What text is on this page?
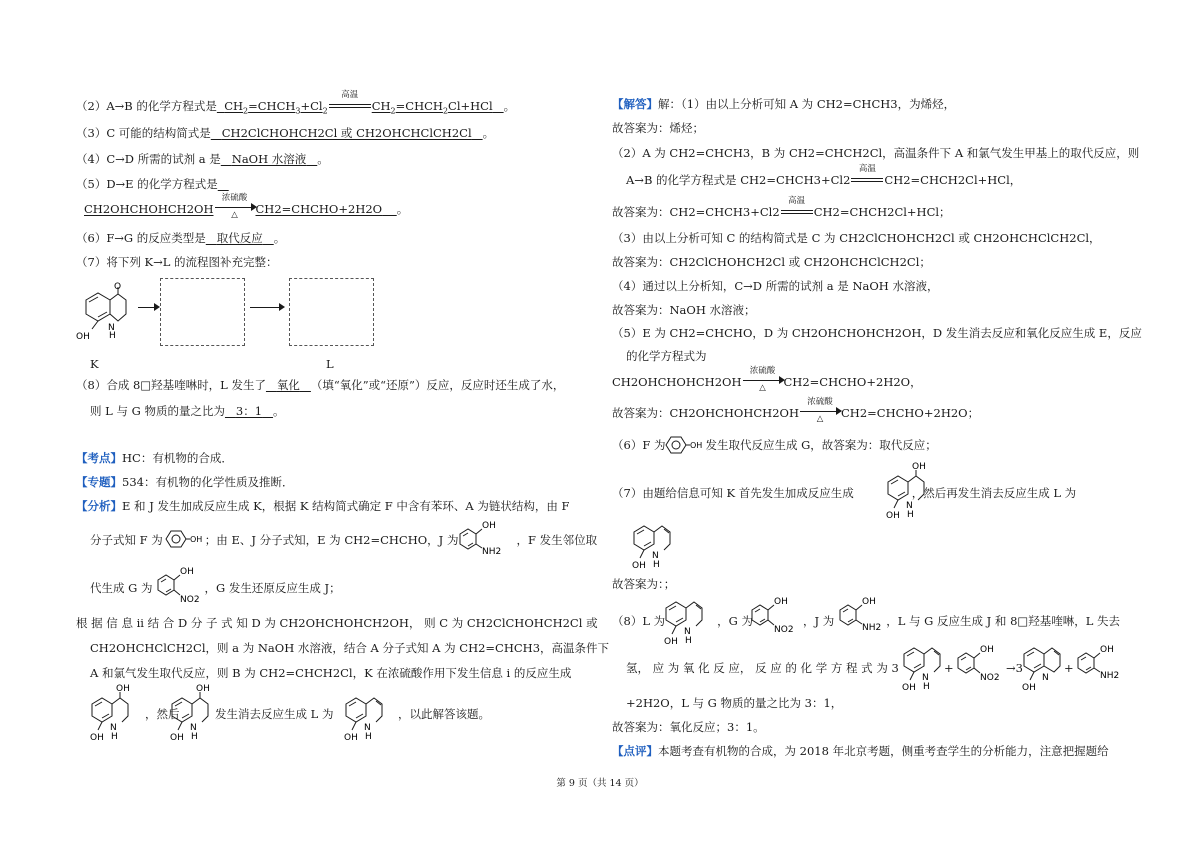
（2）A→B 的化学方程式是 $CH_2=CHCH_3+Cl_2$
高温
$CH_2=CHCH_2Cl+HCl$ 。
（3）C 可能的结构简式是 CH2ClCHOHCH2Cl 或 CH2OHCHClCH2Cl 。
（4）C→D 所需的试剂 a 是 NaOH 水溶液 。
（5）D→E 的化学方程式是
CH2OHCHOHCH2OH
浓硫酸
△	CH2=CHCHO+2H2O 。
（6）F→G 的反应类型是 取代反应 。
（7）将下列 K→L 的流程图补充完整：
O
N
H
OH
K	L
（8）合成 8□羟基喹啉时，L 发生了 氧化 （填“氧化”或“还原”）反应，反应时还生成了水，
则 L 与 G 物质的量之比为 3：1 。
【考点】HC：有机物的合成．
【专题】534：有机物的化学性质及推断．
【分析】E 和 J 发生加成反应生成 K，根据 K 结构简式确定 F 中含有苯环、A 为链状结构，由 F
分子式知 F 为	；由 E、J 分子式知，E 为 CH2=CHCHO，J 为	，F 发生邻位取
OH
OH
NH2
代生成 G 为	，G 发生还原反应生成 J；
OH
NO2
根 据 信 息 ii 结 合 D 分 子 式 知 D 为 CH2OHCHOHCH2OH， 则 C 为 CH2ClCHOHCH2Cl 或
CH2OHCHClCH2Cl，则 a 为 NaOH 水溶液，结合 A 分子式知 A 为 CH2=CHCH3，高温条件下
A 和氯气发生取代反应，则 B 为 CH2=CHCH2Cl，K 在浓硫酸作用下发生信息 i 的反应生成
OH
N
H
OH
，然后
OH
N
H
OH
发生消去反应生成 L 为
N
H
OH
，以此解答该题。
【解答】解：（1）由以上分析可知 A 为 CH2=CHCH3，为烯烃，
故答案为：烯烃；
（2）A 为 CH2=CHCH3，B 为 CH2=CHCH2Cl，高温条件下 A 和氯气发生甲基上的取代反应，则
A→B 的化学方程式是 CH2=CHCH3+Cl2
高温
CH2=CHCH2Cl+HCl，
故答案为：CH2=CHCH3+Cl2
高温
CH2=CHCH2Cl+HCl；
（3）由以上分析可知 C 的结构简式是 C 为 CH2ClCHOHCH2Cl 或 CH2OHCHClCH2Cl，
故答案为：CH2ClCHOHCH2Cl 或 CH2OHCHClCH2Cl；
（4）通过以上分析知，C→D 所需的试剂 a 是 NaOH 水溶液，
故答案为：NaOH 水溶液；
（5）E 为 CH2=CHCHO，D 为 CH2OHCHOHCH2OH，D 发生消去反应和氧化反应生成 E，反应
的化学方程式为
CH2OHCHOHCH2OH
浓硫酸
△	CH2=CHCHO+2H2O，
故答案为：CH2OHCHOHCH2OH
浓硫酸
△	CH2=CHCHO+2H2O；
（6）F 为	发生取代反应生成 G，故答案为：取代反应；
OH
（7）由题给信息可知 K 首先发生加成反应生成	，然后再发生消去反应生成 L 为
OH
N
H
OH
N
H
OH
故答案为：；
（8）L 为	，G 为	，J 为	，L 与 G 反应生成 J 和 8□羟基喹啉，L 失去
N
H
OH
OH
NO2
OH
NH2
氢， 应 为 氧 化 反 应， 反 应 的 化 学 方 程 式 为 3
N
H
OH
+
OH
NO2
→3
N
OH
+
OH
NH2
+2H2O，L 与 G 物质的量之比为 3：1，
故答案为：氧化反应；3：1。
【点评】本题考查有机物的合成，为 2018 年北京考题，侧重考查学生的分析能力，注意把握题给
第 9 页（共 14 页）
